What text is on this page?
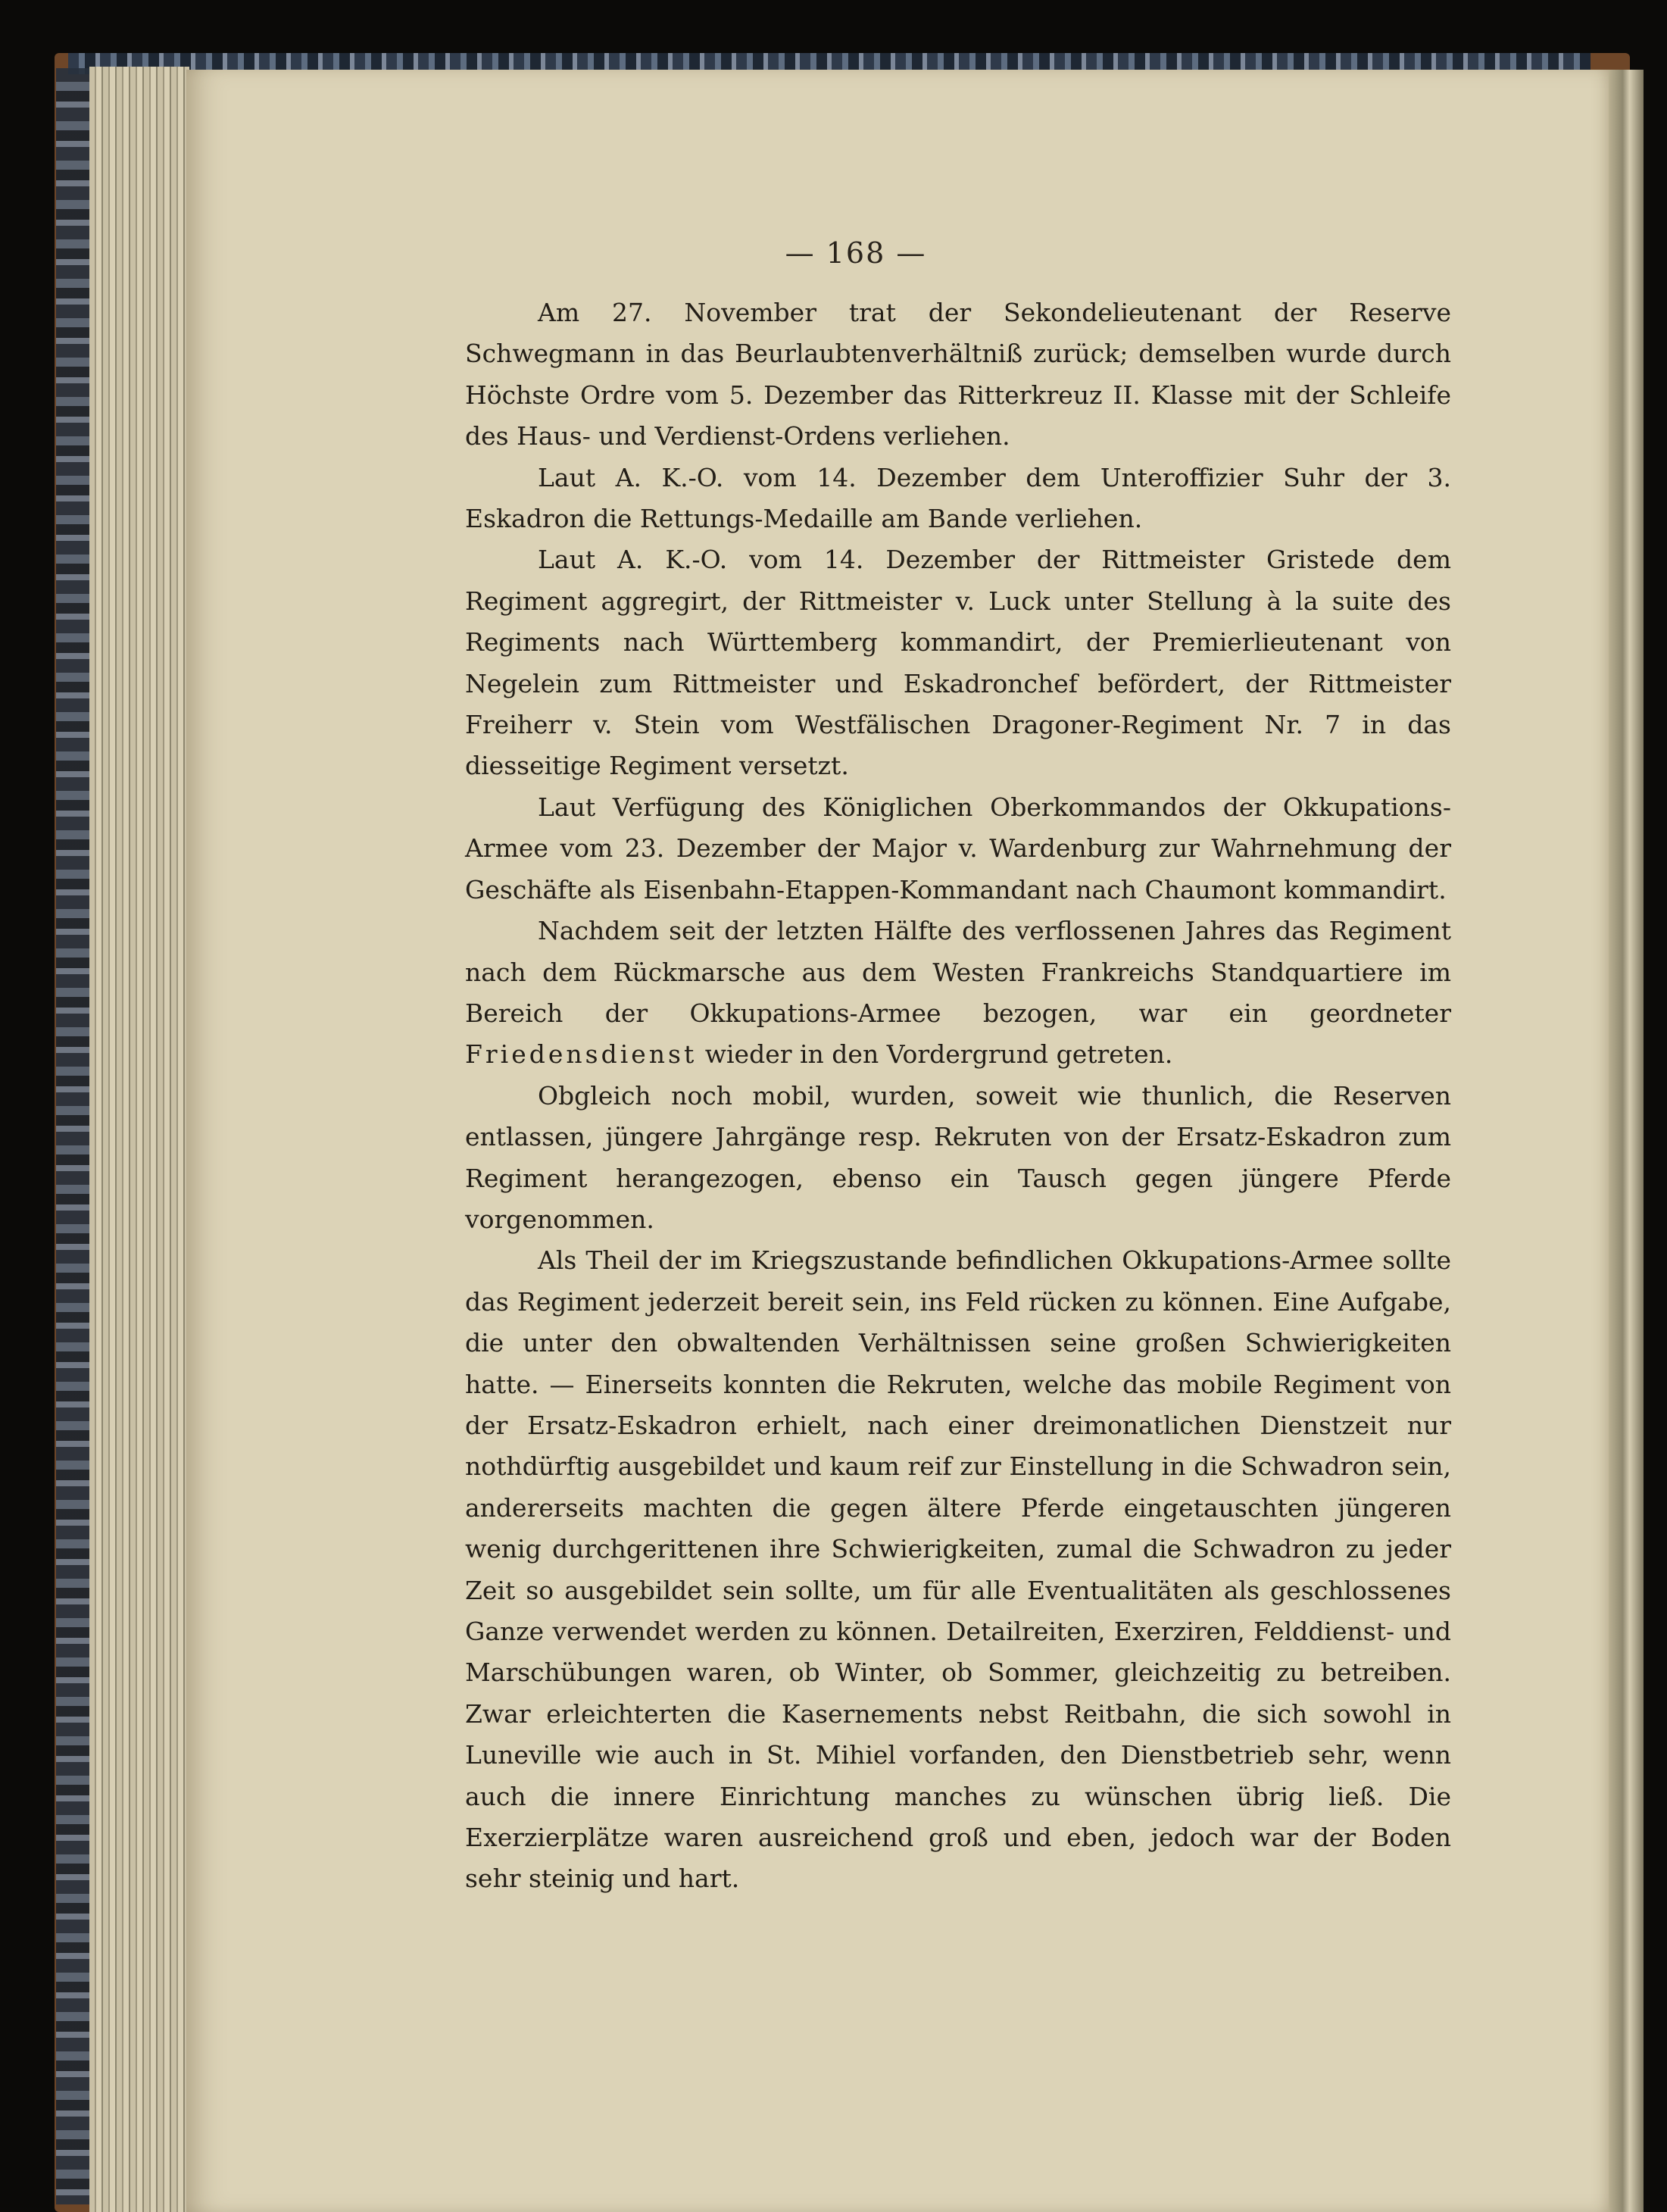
— 168 —

Am 27. November trat der Sekondelieutenant der Reserve Schwegmann in das Beurlaubtenverhältniß zurück; demselben wurde durch Höchste Ordre vom 5. Dezember das Ritterkreuz II. Klasse mit der Schleife des Haus- und Verdienst-Ordens verliehen.

Laut A. K.-O. vom 14. Dezember dem Unteroffizier Suhr der 3. Eskadron die Rettungs-Medaille am Bande verliehen.

Laut A. K.-O. vom 14. Dezember der Rittmeister Gristede dem Regiment aggregirt, der Rittmeister v. Luck unter Stellung à la suite des Regiments nach Württemberg kommandirt, der Premierlieutenant von Negelein zum Rittmeister und Eskadronchef befördert, der Rittmeister Freiherr v. Stein vom Westfälischen Dragoner-Regiment Nr. 7 in das diesseitige Regiment versetzt.

Laut Verfügung des Königlichen Oberkommandos der Okkupations-Armee vom 23. Dezember der Major v. Wardenburg zur Wahrnehmung der Geschäfte als Eisenbahn-Etappen-Kommandant nach Chaumont kommandirt.

Nachdem seit der letzten Hälfte des verflossenen Jahres das Regiment nach dem Rückmarsche aus dem Westen Frankreichs Standquartiere im Bereich der Okkupations-Armee bezogen, war ein geordneter Friedensdienst wieder in den Vordergrund getreten.

Obgleich noch mobil, wurden, soweit wie thunlich, die Reserven entlassen, jüngere Jahrgänge resp. Rekruten von der Ersatz-Eskadron zum Regiment herangezogen, ebenso ein Tausch gegen jüngere Pferde vorgenommen.

Als Theil der im Kriegszustande befindlichen Okkupations-Armee sollte das Regiment jederzeit bereit sein, ins Feld rücken zu können. Eine Aufgabe, die unter den obwaltenden Verhältnissen seine großen Schwierigkeiten hatte. — Einerseits konnten die Rekruten, welche das mobile Regiment von der Ersatz-Eskadron erhielt, nach einer dreimonatlichen Dienstzeit nur nothdürftig ausgebildet und kaum reif zur Einstellung in die Schwadron sein, andererseits machten die gegen ältere Pferde eingetauschten jüngeren wenig durchgerittenen ihre Schwierigkeiten, zumal die Schwadron zu jeder Zeit so ausgebildet sein sollte, um für alle Eventualitäten als geschlossenes Ganze verwendet werden zu können. Detailreiten, Exerziren, Felddienst- und Marschübungen waren, ob Winter, ob Sommer, gleichzeitig zu betreiben. Zwar erleichterten die Kasernements nebst Reitbahn, die sich sowohl in Luneville wie auch in St. Mihiel vorfanden, den Dienstbetrieb sehr, wenn auch die innere Einrichtung manches zu wünschen übrig ließ. Die Exerzierplätze waren ausreichend groß und eben, jedoch war der Boden sehr steinig und hart.
